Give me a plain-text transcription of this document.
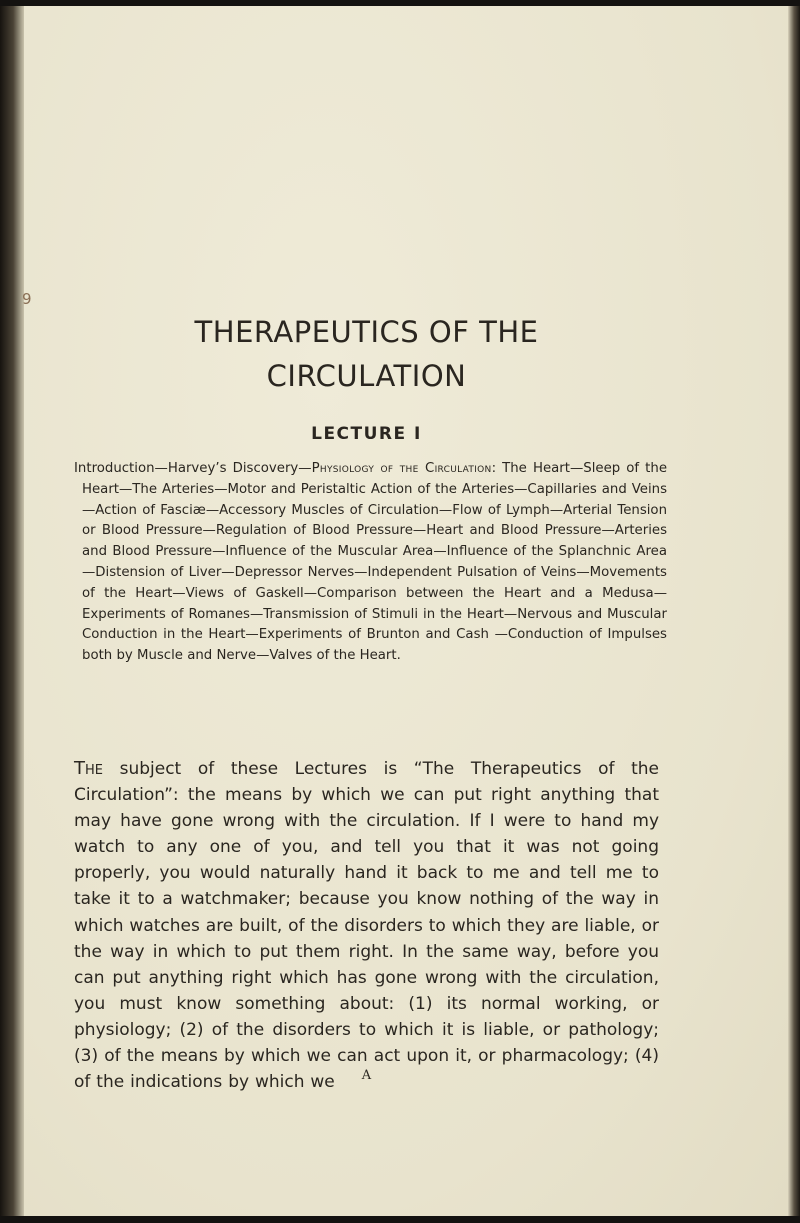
9
THERAPEUTICS OF THE
CIRCULATION
LECTURE I

Introduction—Harvey’s Discovery—Physiology of the Circulation: The Heart—Sleep of the Heart—The Arteries—Motor and Peristaltic Action of the Arteries—Capillaries and Veins—Action of Fasciæ—Accessory Muscles of Circulation—Flow of Lymph—Arterial Tension or Blood Pressure—Regulation of Blood Pressure—Heart and Blood Pressure—Arteries and Blood Pressure—Influence of the Muscular Area—Influence of the Splanchnic Area—Distension of Liver—Depressor Nerves—Independent Pulsation of Veins—Movements of the Heart—Views of Gaskell—Comparison between the Heart and a Medusa—Experiments of Romanes—Transmission of Stimuli in the Heart—Nervous and Muscular Conduction in the Heart—Experiments of Brunton and Cash —Conduction of Impulses both by Muscle and Nerve—Valves of the Heart.

The subject of these Lectures is “The Therapeutics of the Circulation”: the means by which we can put right anything that may have gone wrong with the circulation. If I were to hand my watch to any one of you, and tell you that it was not going properly, you would naturally hand it back to me and tell me to take it to a watchmaker; because you know nothing of the way in which watches are built, of the disorders to which they are liable, or the way in which to put them right. In the same way, before you can put anything right which has gone wrong with the circulation, you must know something about: (1) its normal working, or physiology; (2) of the disorders to which it is liable, or pathology; (3) of the means by which we can act upon it, or pharmacology; (4) of the indications by which we	A
